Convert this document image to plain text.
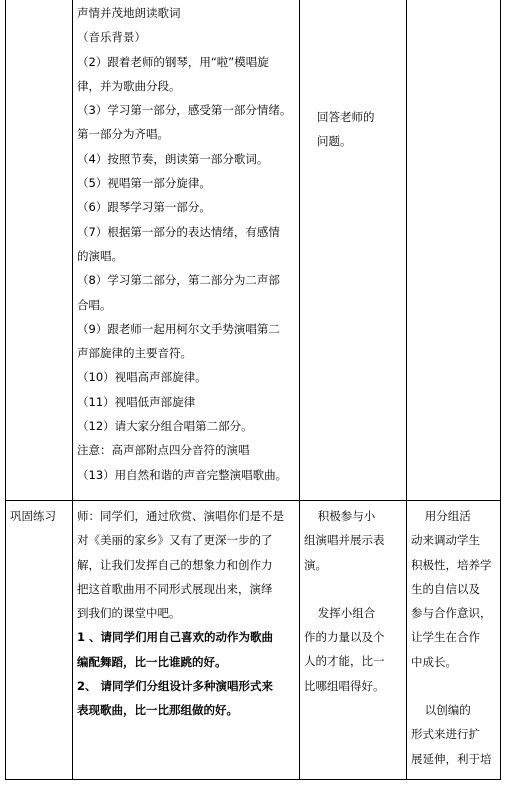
声情并茂地朗读歌词

（音乐背景）

（2）跟着老师的钢琴，用“啦”模唱旋

律，并为歌曲分段。

（3）学习第一部分，感受第一部分情绪。

第一部分为齐唱。

（4）按照节奏，朗读第一部分歌词。

（5）视唱第一部分旋律。

（6）跟琴学习第一部分。

（7）根据第一部分的表达情绪，有感情

的演唱。

（8）学习第二部分，第二部分为二声部

合唱。

（9）跟老师一起用柯尔文手势演唱第二

声部旋律的主要音符。

（10）视唱高声部旋律。

（11）视唱低声部旋律

（12）请大家分组合唱第二部分。

注意：高声部附点四分音符的演唱

（13）用自然和谐的声音完整演唱歌曲。

回答老师的

问题。

巩固练习	师：同学们，通过欣赏、演唱你们是不是

对《美丽的家乡》又有了更深一步的了

解，让我们发挥自己的想象力和创作力

把这首歌曲用不同形式展现出来，演绎

到我们的课堂中吧。

1 、请同学们用自己喜欢的动作为歌曲

编配舞蹈，比一比谁跳的好。

2、 请同学们分组设计多种演唱形式来

表现歌曲，比一比那组做的好。

积极参与小

组演唱并展示表

演。

发挥小组合

作的力量以及个

人的才能，比一

比哪组唱得好。

用分组活

动来调动学生

积极性，培养学

生的自信以及

参与合作意识，

让学生在合作

中成长。

以创编的

形式来进行扩

展延伸，利于培
